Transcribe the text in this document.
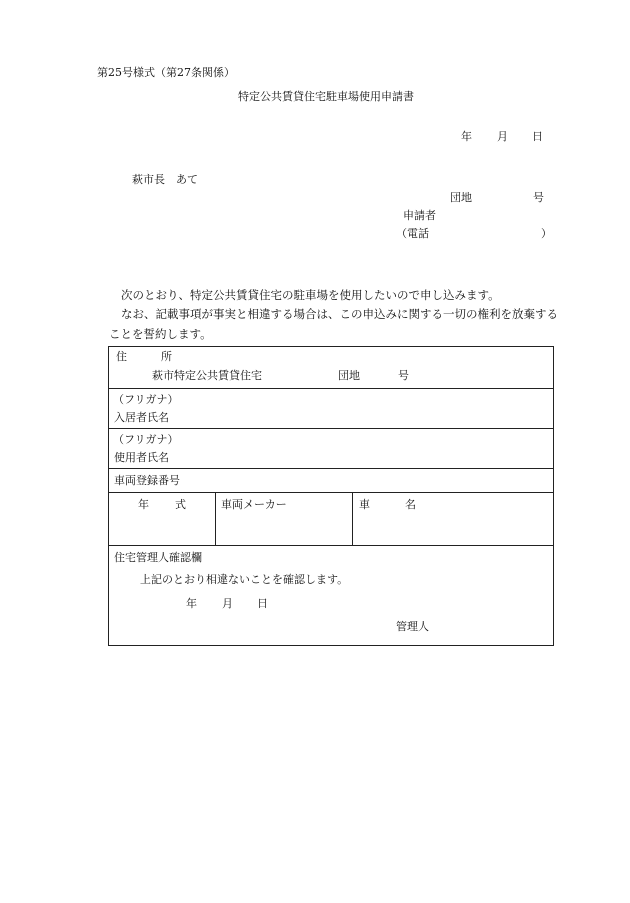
第25号様式（第27条関係）
特定公共賃貸住宅駐車場使用申請書
年 月 日
萩市長　あて
団地	号
申請者
（電話	）
次のとおり、特定公共賃貸住宅の駐車場を使用したいので申し込みます。
なお、記載事項が事実と相違する場合は、この申込みに関する一切の権利を放棄する
ことを誓約します。
住	所
萩市特定公共賃貸住宅	団地	号

（フリガナ）
入居者氏名

（フリガナ）
使用者氏名

車両登録番号

年 式	車両メーカー	車	名

住宅管理人確認欄
上記のとおり相違ないことを確認します。
年 月 日
管理人
